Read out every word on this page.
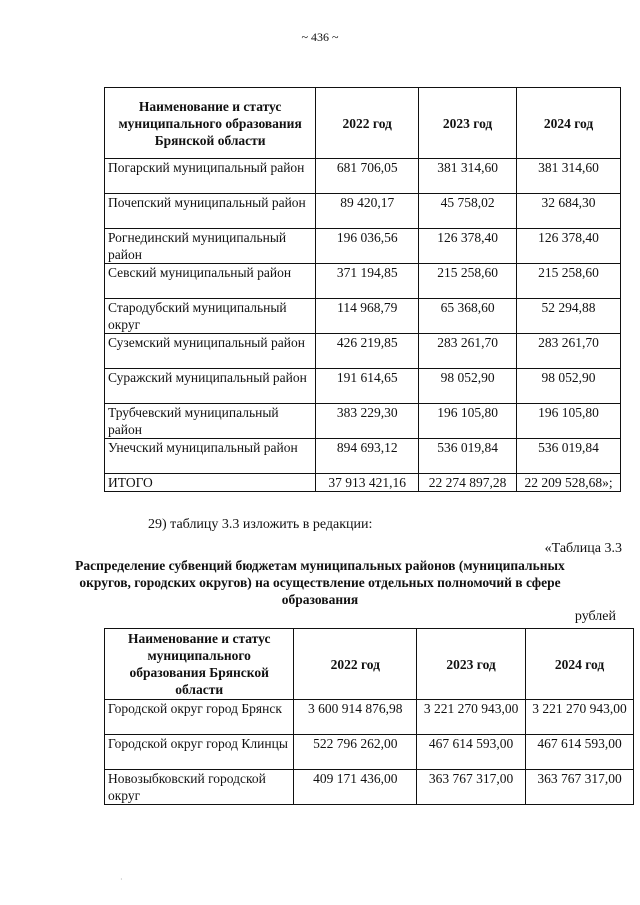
~ 436 ~
Наименование и статус муниципального образования Брянской области	2022 год	2023 год	2024 год
Погарский муниципальный район	681 706,05	381 314,60	381 314,60
Почепский муниципальный район	89 420,17	45 758,02	32 684,30
Рогнединский муниципальный район	196 036,56	126 378,40	126 378,40
Севский муниципальный район	371 194,85	215 258,60	215 258,60
Стародубский муниципальный округ	114 968,79	65 368,60	52 294,88
Суземский муниципальный район	426 219,85	283 261,70	283 261,70
Суражский муниципальный район	191 614,65	98 052,90	98 052,90
Трубчевский муниципальный район	383 229,30	196 105,80	196 105,80
Унечский муниципальный район	894 693,12	536 019,84	536 019,84
ИТОГО	37 913 421,16	22 274 897,28	22 209 528,68»;
29) таблицу 3.3 изложить в редакции:
«Таблица 3.3
Распределение субвенций бюджетам муниципальных районов (муниципальных округов, городских округов) на осуществление отдельных полномочий в сфере образования
рублей
Наименование и статус муниципального образования Брянской области	2022 год	2023 год	2024 год
Городской округ город Брянск	3 600 914 876,98	3 221 270 943,00	3 221 270 943,00
Городской округ город Клинцы	522 796 262,00	467 614 593,00	467 614 593,00
Новозыбковский городской округ	409 171 436,00	363 767 317,00	363 767 317,00
·
